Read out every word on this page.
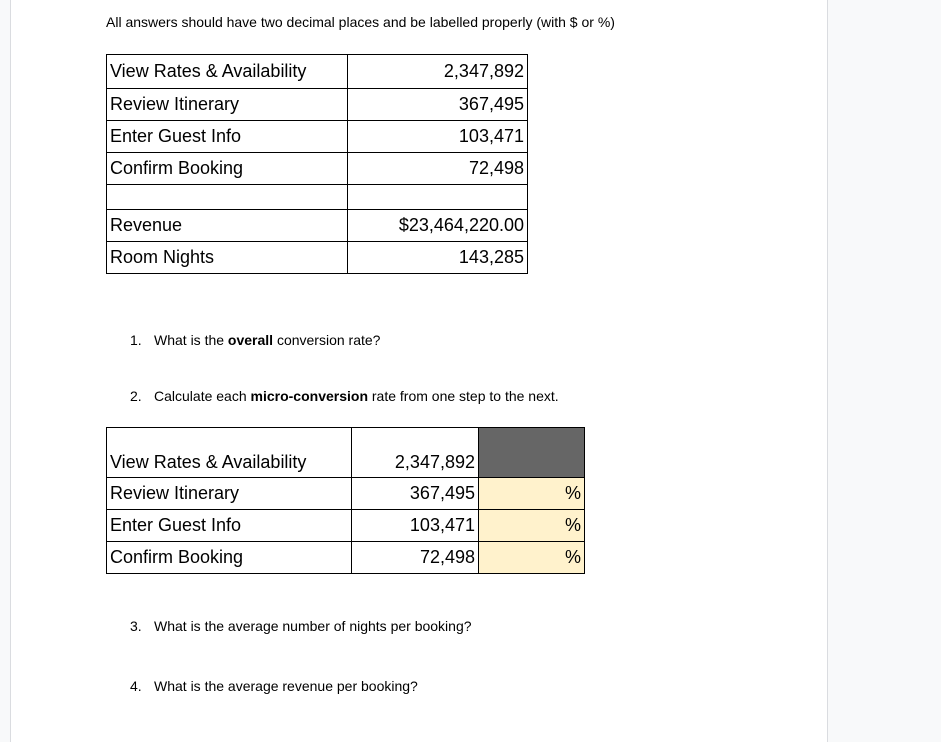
All answers should have two decimal places and be labelled properly (with $ or %)
View Rates & Availability	2,347,892
Review Itinerary	367,495
Enter Guest Info	103,471
Confirm Booking	72,498

Revenue	$23,464,220.00
Room Nights	143,285
1. What is the overall conversion rate?
2. Calculate each micro-conversion rate from one step to the next.
View Rates & Availability	2,347,892	
Review Itinerary	367,495	%
Enter Guest Info	103,471	%
Confirm Booking	72,498	%
3. What is the average number of nights per booking?
4. What is the average revenue per booking?
